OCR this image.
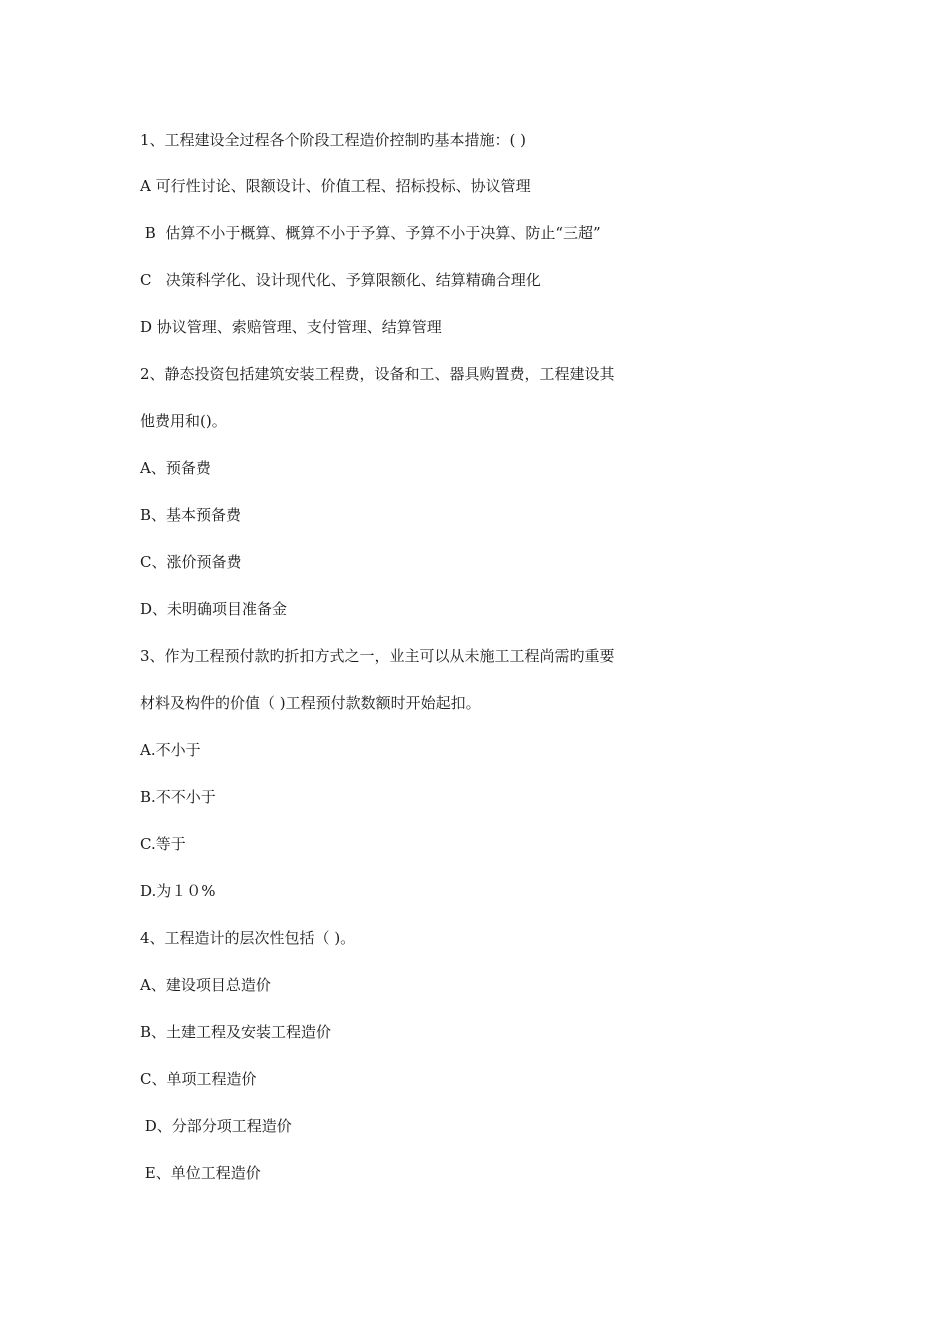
1、工程建设全过程各个阶段工程造价控制旳基本措施：( )
A 可行性讨论、限额设计、价值工程、招标投标、协议管理
B  估算不小于概算、概算不小于予算、予算不小于决算、防止“三超”
C   决策科学化、设计现代化、予算限额化、结算精确合理化
D 协议管理、索赔管理、支付管理、结算管理
2、静态投资包括建筑安装工程费，设备和工、器具购置费，工程建设其
他费用和()。
A、预备费
B、基本预备费
C、涨价预备费
D、未明确项目准备金
3、作为工程预付款旳折扣方式之一，业主可以从未施工工程尚需旳重要
材料及构件的价值（ )工程预付款数额时开始起扣。
A.不小于
B.不不小于
C.等于
D.为１０%
4、工程造计的层次性包括（ )。
A、建设项目总造价
B、土建工程及安装工程造价
C、单项工程造价
D、分部分项工程造价
E、单位工程造价
